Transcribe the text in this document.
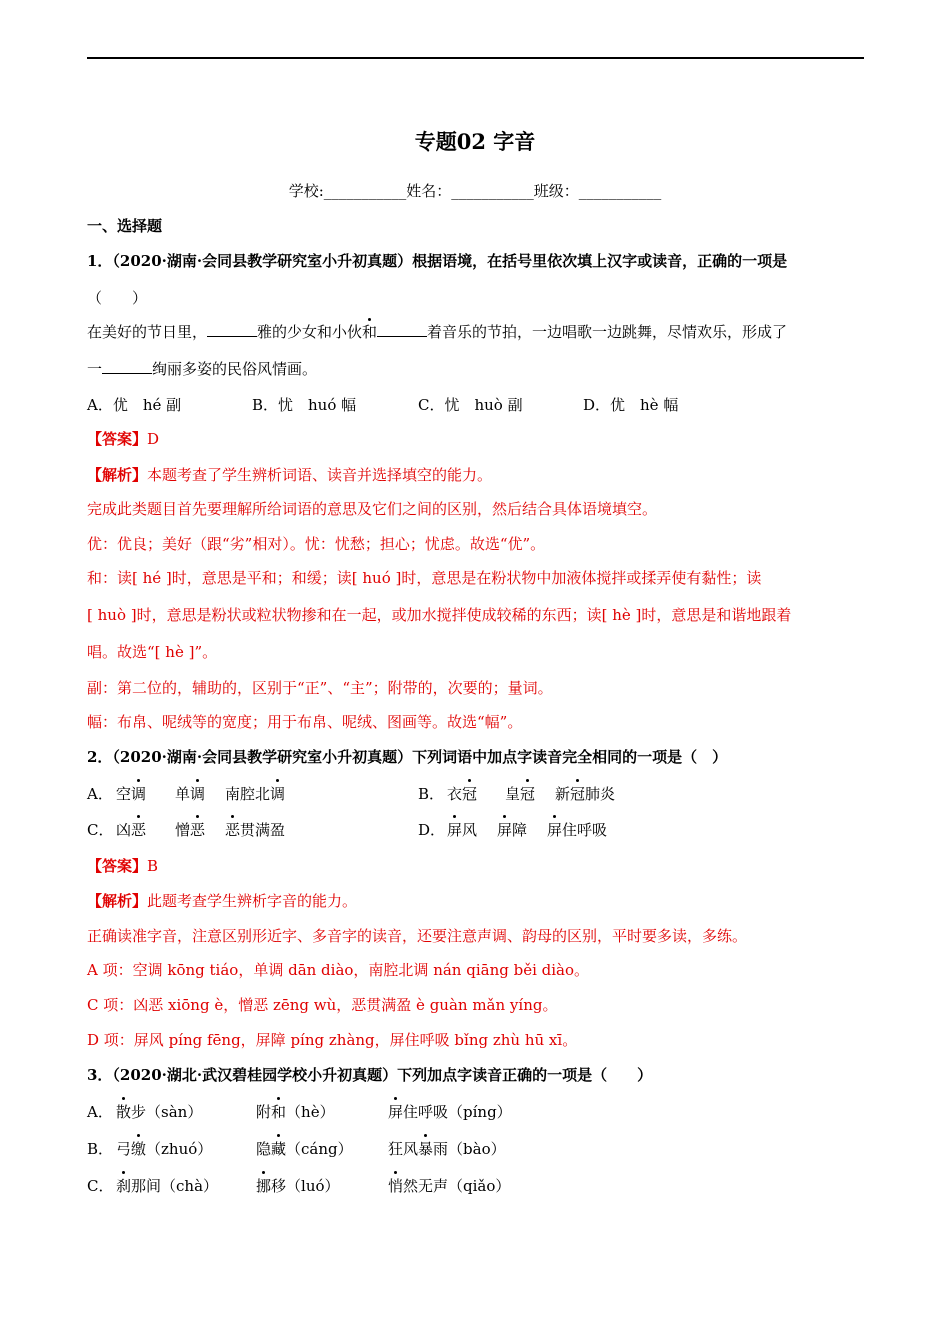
专题02 字音
学校:___________姓名：___________班级：___________
一、选择题
1．（2020·湖南·会同县教学研究室小升初真题）根据语境，在括号里依次填上汉字或读音，正确的一项是
（　　）
在美好的节日里，	雅的少女和小伙和	着音乐的节拍，一边唱歌一边跳舞，尽情欢乐，形成了
一	绚丽多姿的民俗风情画。
A．优　hé 副	B．忧　huó 幅	C．忧　huò 副	D．优　hè 幅
【答案】D
【解析】本题考查了学生辨析词语、读音并选择填空的能力。
完成此类题目首先要理解所给词语的意思及它们之间的区别，然后结合具体语境填空。
优：优良；美好（跟“劣”相对）。忧：忧愁；担心；忧虑。故选“优”。
和：读[ hé ]时，意思是平和；和缓；读[ huó ]时，意思是在粉状物中加液体搅拌或揉弄使有黏性；读
[ huò ]时，意思是粉状或粒状物掺和在一起，或加水搅拌使成较稀的东西；读[ hè ]时，意思是和谐地跟着
唱。故选“[ hè ]”。
副：第二位的，辅助的，区别于“正”、“主”；附带的，次要的；量词。
幅：布帛、呢绒等的宽度；用于布帛、呢绒、图画等。故选“幅”。
2．（2020·湖南·会同县教学研究室小升初真题）下列词语中加点字读音完全相同的一项是（　）
A． 空调 单调 南腔北调	B． 衣冠 皇冠 新冠肺炎
C． 凶恶 憎恶 恶贯满盈	D． 屏风 屏障 屏住呼吸
【答案】B
【解析】此题考查学生辨析字音的能力。
正确读准字音，注意区别形近字、多音字的读音，还要注意声调、韵母的区别，平时要多读，多练。
A 项：空调 kōng tiáo，单调 dān diào，南腔北调 nán qiāng běi diào。
C 项：凶恶 xiōng è，憎恶 zēng wù，恶贯满盈 è guàn mǎn yíng。
D 项：屏风 píng fēng，屏障 píng zhàng，屏住呼吸 bǐng zhù hū xī。
3．（2020·湖北·武汉碧桂园学校小升初真题）下列加点字读音正确的一项是（　　）
A． 散步（sàn）	附和（hè）	屏住呼吸（píng）
B． 弓缴（zhuó）	隐藏（cáng） 狂风暴雨（bào）
C． 刹那间（chà）	挪移（luó）	悄然无声（qiǎo）
